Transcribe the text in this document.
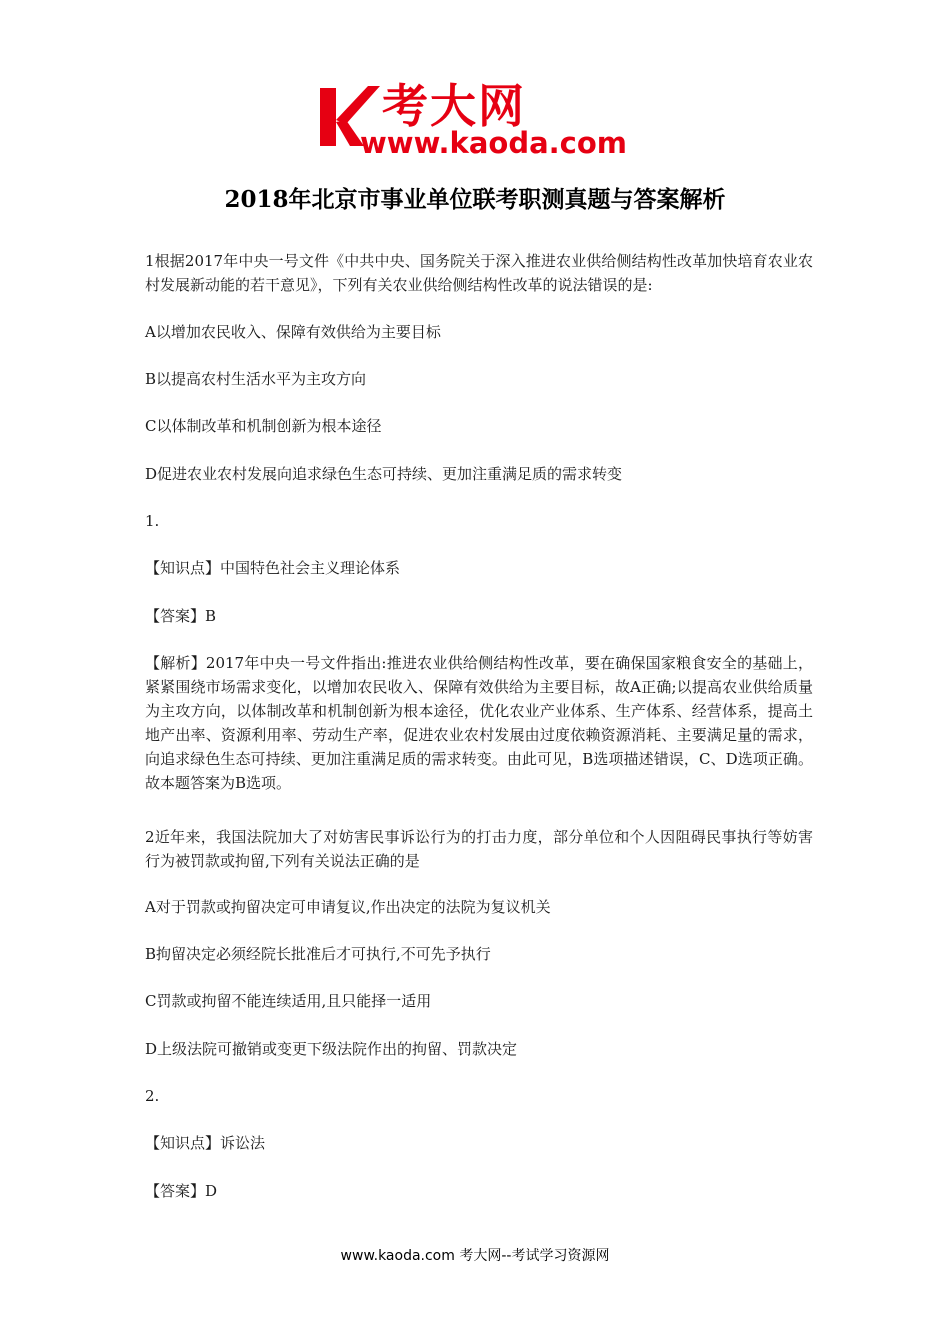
考大网
www.kaoda.com
2018年北京市事业单位联考职测真题与答案解析

1根据2017年中央一号文件《中共中央、国务院关于深入推进农业供给侧结构性改革加快培育农业农村发展新动能的若干意见》，下列有关农业供给侧结构性改革的说法错误的是:

A以增加农民收入、保障有效供给为主要目标

B以提高农村生活水平为主攻方向

C以体制改革和机制创新为根本途径

D促进农业农村发展向追求绿色生态可持续、更加注重满足质的需求转变

1.

【知识点】中国特色社会主义理论体系

【答案】B

【解析】2017年中央一号文件指出:推进农业供给侧结构性改革，要在确保国家粮食安全的基础上，紧紧围绕市场需求变化，以增加农民收入、保障有效供给为主要目标，故A正确;以提高农业供给质量为主攻方向，以体制改革和机制创新为根本途径，优化农业产业体系、生产体系、经营体系，提高土地产出率、资源利用率、劳动生产率，促进农业农村发展由过度依赖资源消耗、主要满足量的需求，向追求绿色生态可持续、更加注重满足质的需求转变。由此可见，B选项描述错误，C、D选项正确。故本题答案为B选项。

2近年来，我国法院加大了对妨害民事诉讼行为的打击力度，部分单位和个人因阻碍民事执行等妨害行为被罚款或拘留,下列有关说法正确的是

A对于罚款或拘留决定可申请复议,作出决定的法院为复议机关

B拘留决定必须经院长批准后才可执行,不可先予执行

C罚款或拘留不能连续适用,且只能择一适用

D上级法院可撤销或变更下级法院作出的拘留、罚款决定

2.

【知识点】诉讼法

【答案】D

www.kaoda.com 考大网--考试学习资源网
